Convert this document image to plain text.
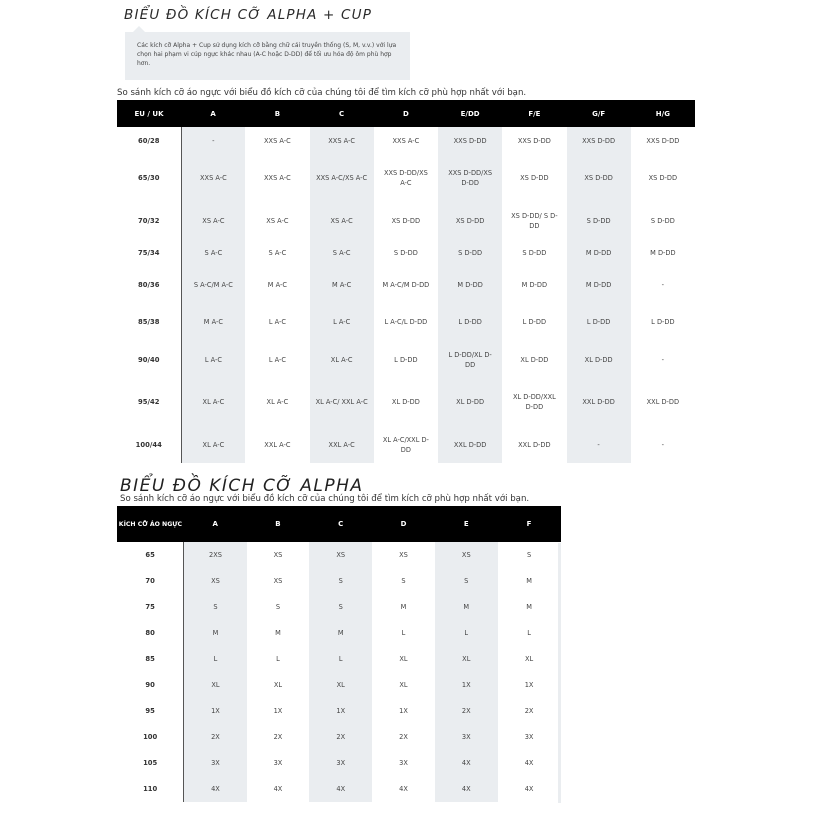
BIỂU ĐỒ KÍCH CỠ ALPHA + CUP
Các kích cỡ Alpha + Cup sử dụng kích cỡ bằng chữ cái truyền thống (S, M, v.v.) với lựa chọn hai phạm vi cúp ngực khác nhau (A-C hoặc D-DD) để tối ưu hóa độ ôm phù hợp hơn.
So sánh kích cỡ áo ngực với biểu đồ kích cỡ của chúng tôi để tìm kích cỡ phù hợp nhất với bạn.
EU / UK	A	B	C	D	E/DD	F/E	G/F	H/G
60/28	-	XXS A-C	XXS A-C	XXS A-C	XXS D-DD	XXS D-DD	XXS D-DD	XXS D-DD
65/30	XXS A-C	XXS A-C	XXS A-C/XS A-C	XXS D-DD/XS A-C	XXS D-DD/XS D-DD	XS D-DD	XS D-DD	XS D-DD
70/32	XS A-C	XS A-C	XS A-C	XS D-DD	XS D-DD	XS D-DD/ S D-DD	S D-DD	S D-DD
75/34	S A-C	S A-C	S A-C	S D-DD	S D-DD	S D-DD	M D-DD	M D-DD
80/36	S A-C/M A-C	M A-C	M A-C	M A-C/M D-DD	M D-DD	M D-DD	M D-DD	-
85/38	M A-C	L A-C	L A-C	L A-C/L D-DD	L D-DD	L D-DD	L D-DD	L D-DD
90/40	L A-C	L A-C	XL A-C	L D-DD	L D-DD/XL D-DD	XL D-DD	XL D-DD	-
95/42	XL A-C	XL A-C	XL A-C/ XXL A-C	XL D-DD	XL D-DD	XL D-DD/XXL D-DD	XXL D-DD	XXL D-DD
100/44	XL A-C	XXL A-C	XXL A-C	XL A-C/XXL D-DD	XXL D-DD	XXL D-DD	-	-
BIỂU ĐỒ KÍCH CỠ ALPHA
So sánh kích cỡ áo ngực với biểu đồ kích cỡ của chúng tôi để tìm kích cỡ phù hợp nhất với bạn.
KÍCH CỠ ÁO NGỰC	A	B	C	D	E	F
65	2XS	XS	XS	XS	XS	S
70	XS	XS	S	S	S	M
75	S	S	S	M	M	M
80	M	M	M	L	L	L
85	L	L	L	XL	XL	XL
90	XL	XL	XL	XL	1X	1X
95	1X	1X	1X	1X	2X	2X
100	2X	2X	2X	2X	3X	3X
105	3X	3X	3X	3X	4X	4X
110	4X	4X	4X	4X	4X	4X
